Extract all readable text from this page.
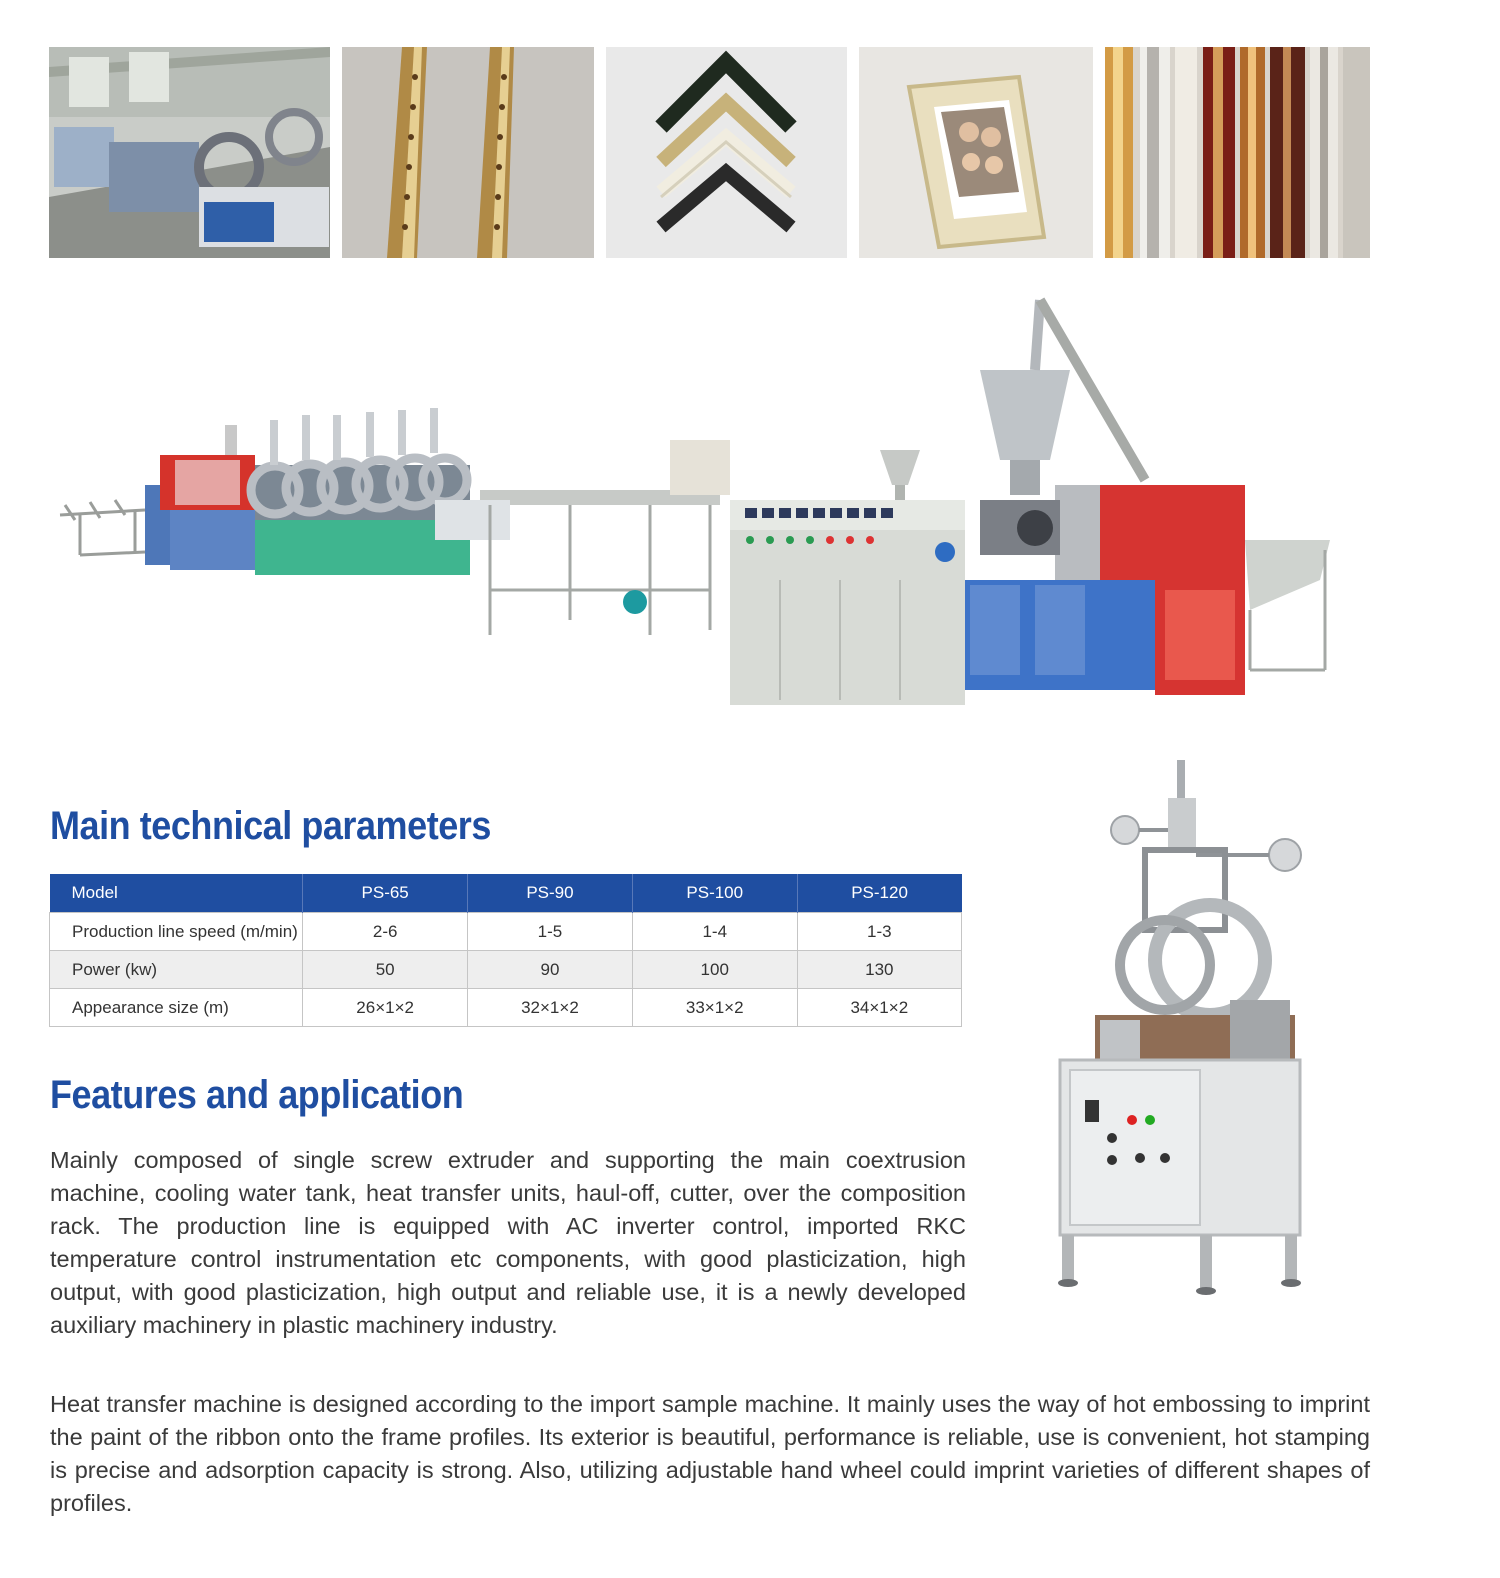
Main technical parameters
Model	PS-65	PS-90	PS-100	PS-120
Production line speed (m/min)	2-6	1-5	1-4	1-3
Power (kw)	50	90	100	130
Appearance size (m)	26×1×2	32×1×2	33×1×2	34×1×2
Features and application

Mainly composed of single screw extruder and supporting the main coextrusion machine, cooling water tank, heat transfer units, haul-off, cutter, over the composition rack. The production line is equipped with AC inverter control, imported RKC temperature control instrumentation etc components, with good plasticization, high output, with good plasticization, high output and reliable use, it is a newly developed auxiliary machinery in plastic machinery industry.

Heat transfer machine is designed according to the import sample machine. It mainly uses the way of hot embossing to imprint the paint of the ribbon onto the frame profiles. Its exterior is beautiful, performance is reliable, use is convenient, hot stamping is precise and adsorption capacity is strong. Also, utilizing adjustable hand wheel could imprint varieties of different shapes of profiles.
